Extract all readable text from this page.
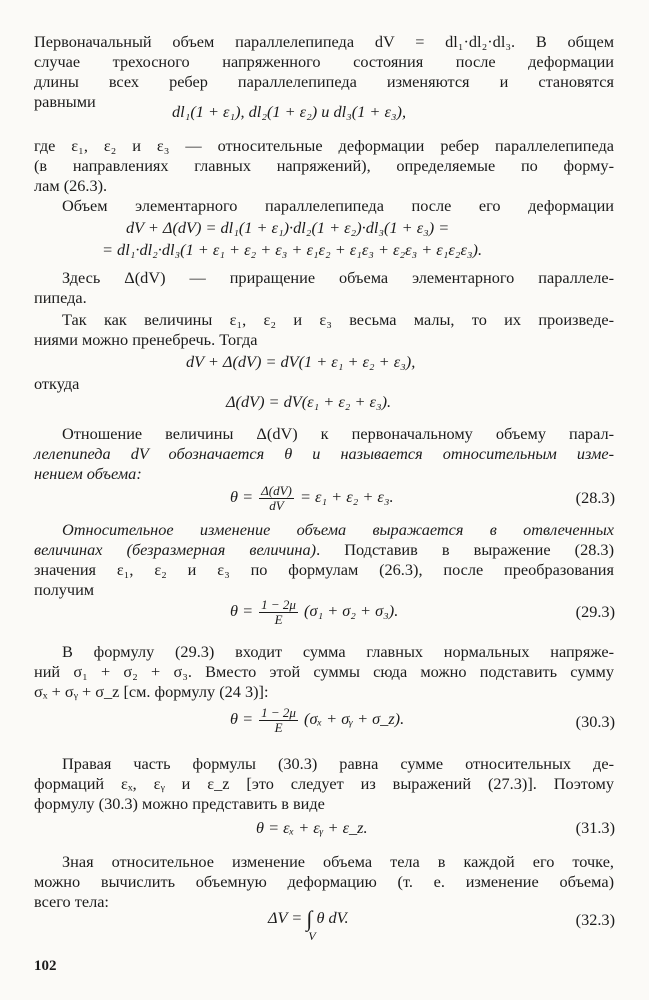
Первоначальный объем параллелепипеда dV = dl₁·dl₂·dl₃. В общем
случае трехосного напряженного состояния после деформации
длины всех ребер параллелепипеда изменяются и становятся
равными
dl₁(1 + ε₁), dl₂(1 + ε₂) и dl₃(1 + ε₃),
где ε₁, ε₂ и ε₃ — относительные деформации ребер параллелепипеда
(в направлениях главных напряжений), определяемые по форму-
лам (26.3).
Объем элементарного параллелепипеда после его деформации
dV + Δ(dV) = dl₁(1 + ε₁)·dl₂(1 + ε₂)·dl₃(1 + ε₃) =
= dl₁·dl₂·dl₃(1 + ε₁ + ε₂ + ε₃ + ε₁ε₂ + ε₁ε₃ + ε₂ε₃ + ε₁ε₂ε₃).
Здесь Δ(dV) — приращение объема элементарного параллеле-
пипеда.
Так как величины ε₁, ε₂ и ε₃ весьма малы, то их произведе-
ниями можно пренебречь. Тогда
dV + Δ(dV) = dV(1 + ε₁ + ε₂ + ε₃),
откуда
Δ(dV) = dV(ε₁ + ε₂ + ε₃).
Отношение величины Δ(dV) к первоначальному объему парал-
лелепипеда dV обозначается θ и называется относительным изме-
нением объема:
$\theta = \frac{\Delta(dV)}{dV} = \varepsilon_1 + \varepsilon_2 + \varepsilon_3$.	(28.3)
Относительное изменение объема выражается в отвлеченных
величинах (безразмерная величина). Подставив в выражение (28.3)
значения ε₁, ε₂ и ε₃ по формулам (26.3), после преобразования
получим
$\theta = \frac{1 - 2\mu}{E} (\sigma_1 + \sigma_2 + \sigma_3)$.	(29.3)
В формулу (29.3) входит сумма главных нормальных напряже-
ний σ₁ + σ₂ + σ₃. Вместо этой суммы сюда можно подставить сумму
σₓ + σᵧ + σ_z [см. формулу (24 3)]:
$\theta = \frac{1 - 2\mu}{E} (\sigma_x$ + σᵧ + σ_z).	(30.3)
Правая часть формулы (30.3) равна сумме относительных де-
формаций εₓ, εᵧ и ε_z [это следует из выражений (27.3)]. Поэтому
формулу (30.3) можно представить в виде
θ = εₓ + εᵧ + ε_z.	(31.3)
Зная относительное изменение объема тела в каждой его точке,
можно вычислить объемную деформацию (т. е. изменение объема)
всего тела:
ΔV = ∫
V
θ dV.	(32.3)
102
